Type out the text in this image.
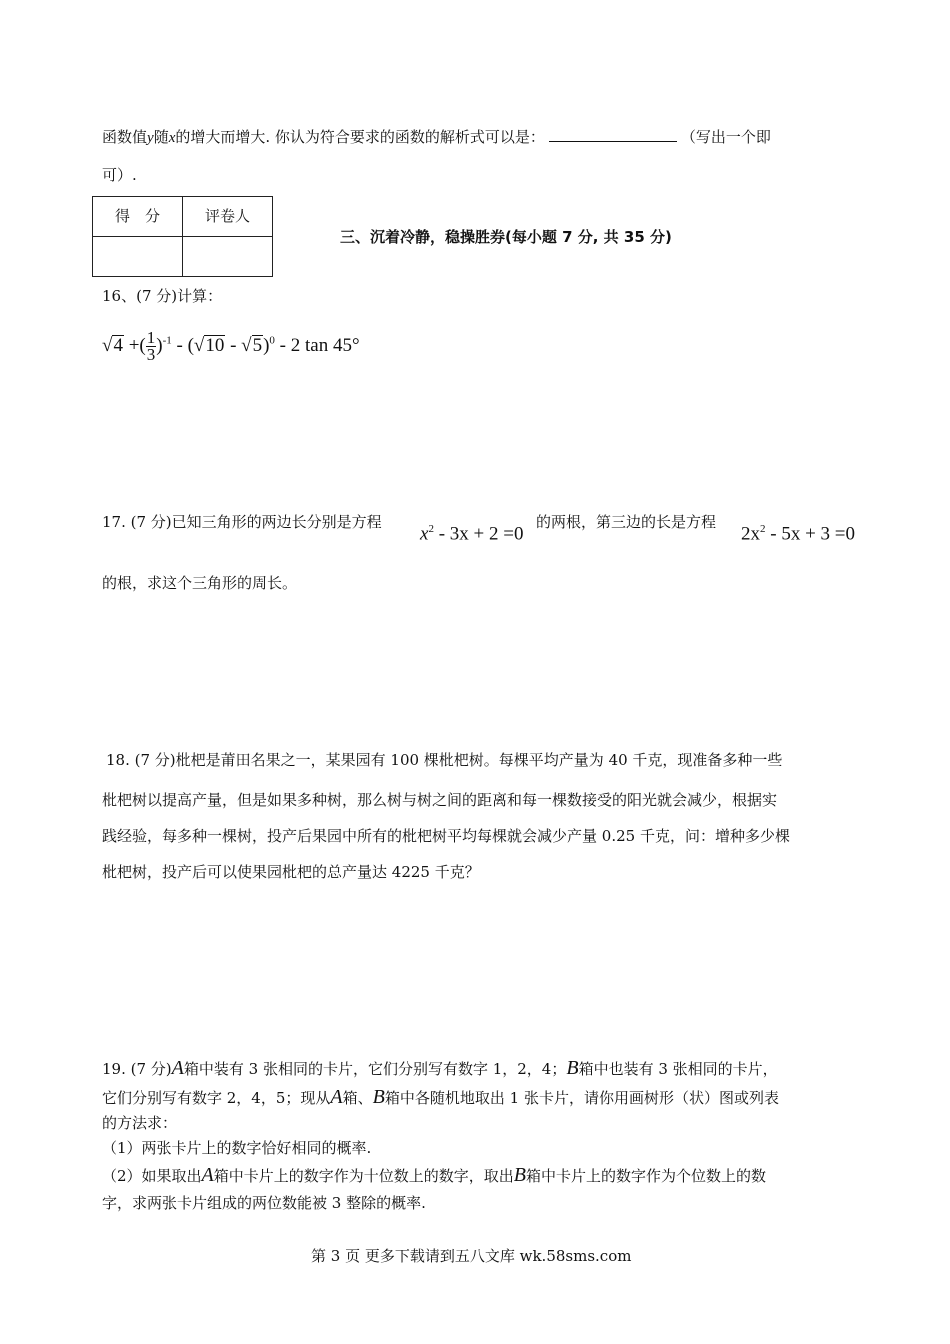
函数值y随x的增大而增大. 你认为符合要求的函数的解析式可以是：	（写出一个即
可）.
得　分	评卷人

三、沉着冷静，稳操胜券(每小题 7 分, 共 35 分)
16、(7 分)计算：
√4 +( $\frac{1}{3} )^{-1} - (√10 - √5)^0 - 2$ tan 45°
17. (7 分)已知三角形的两边长分别是方程
$x^2 - 3x + 2 =0$
的两根，第三边的长是方程
$2x^2 - 5x + 3 =0$
的根，求这个三角形的周长。
18. (7 分)枇杷是莆田名果之一，某果园有 100 棵枇杷树。每棵平均产量为 40 千克，现准备多种一些
枇杷树以提高产量，但是如果多种树，那么树与树之间的距离和每一棵数接受的阳光就会减少，根据实
践经验，每多种一棵树，投产后果园中所有的枇杷树平均每棵就会减少产量 0.25 千克，问：增种多少棵
枇杷树，投产后可以使果园枇杷的总产量达 4225 千克？
19. (7 分)A箱中装有 3 张相同的卡片，它们分别写有数字 1，2，4；B箱中也装有 3 张相同的卡片，
它们分别写有数字 2，4，5；现从A箱、B箱中各随机地取出 1 张卡片，请你用画树形（状）图或列表
的方法求：
（1）两张卡片上的数字恰好相同的概率.
（2）如果取出A箱中卡片上的数字作为十位数上的数字，取出B箱中卡片上的数字作为个位数上的数
字，求两张卡片组成的两位数能被 3 整除的概率.
第 3 页 更多下载请到五八文库 wk.58sms.com
